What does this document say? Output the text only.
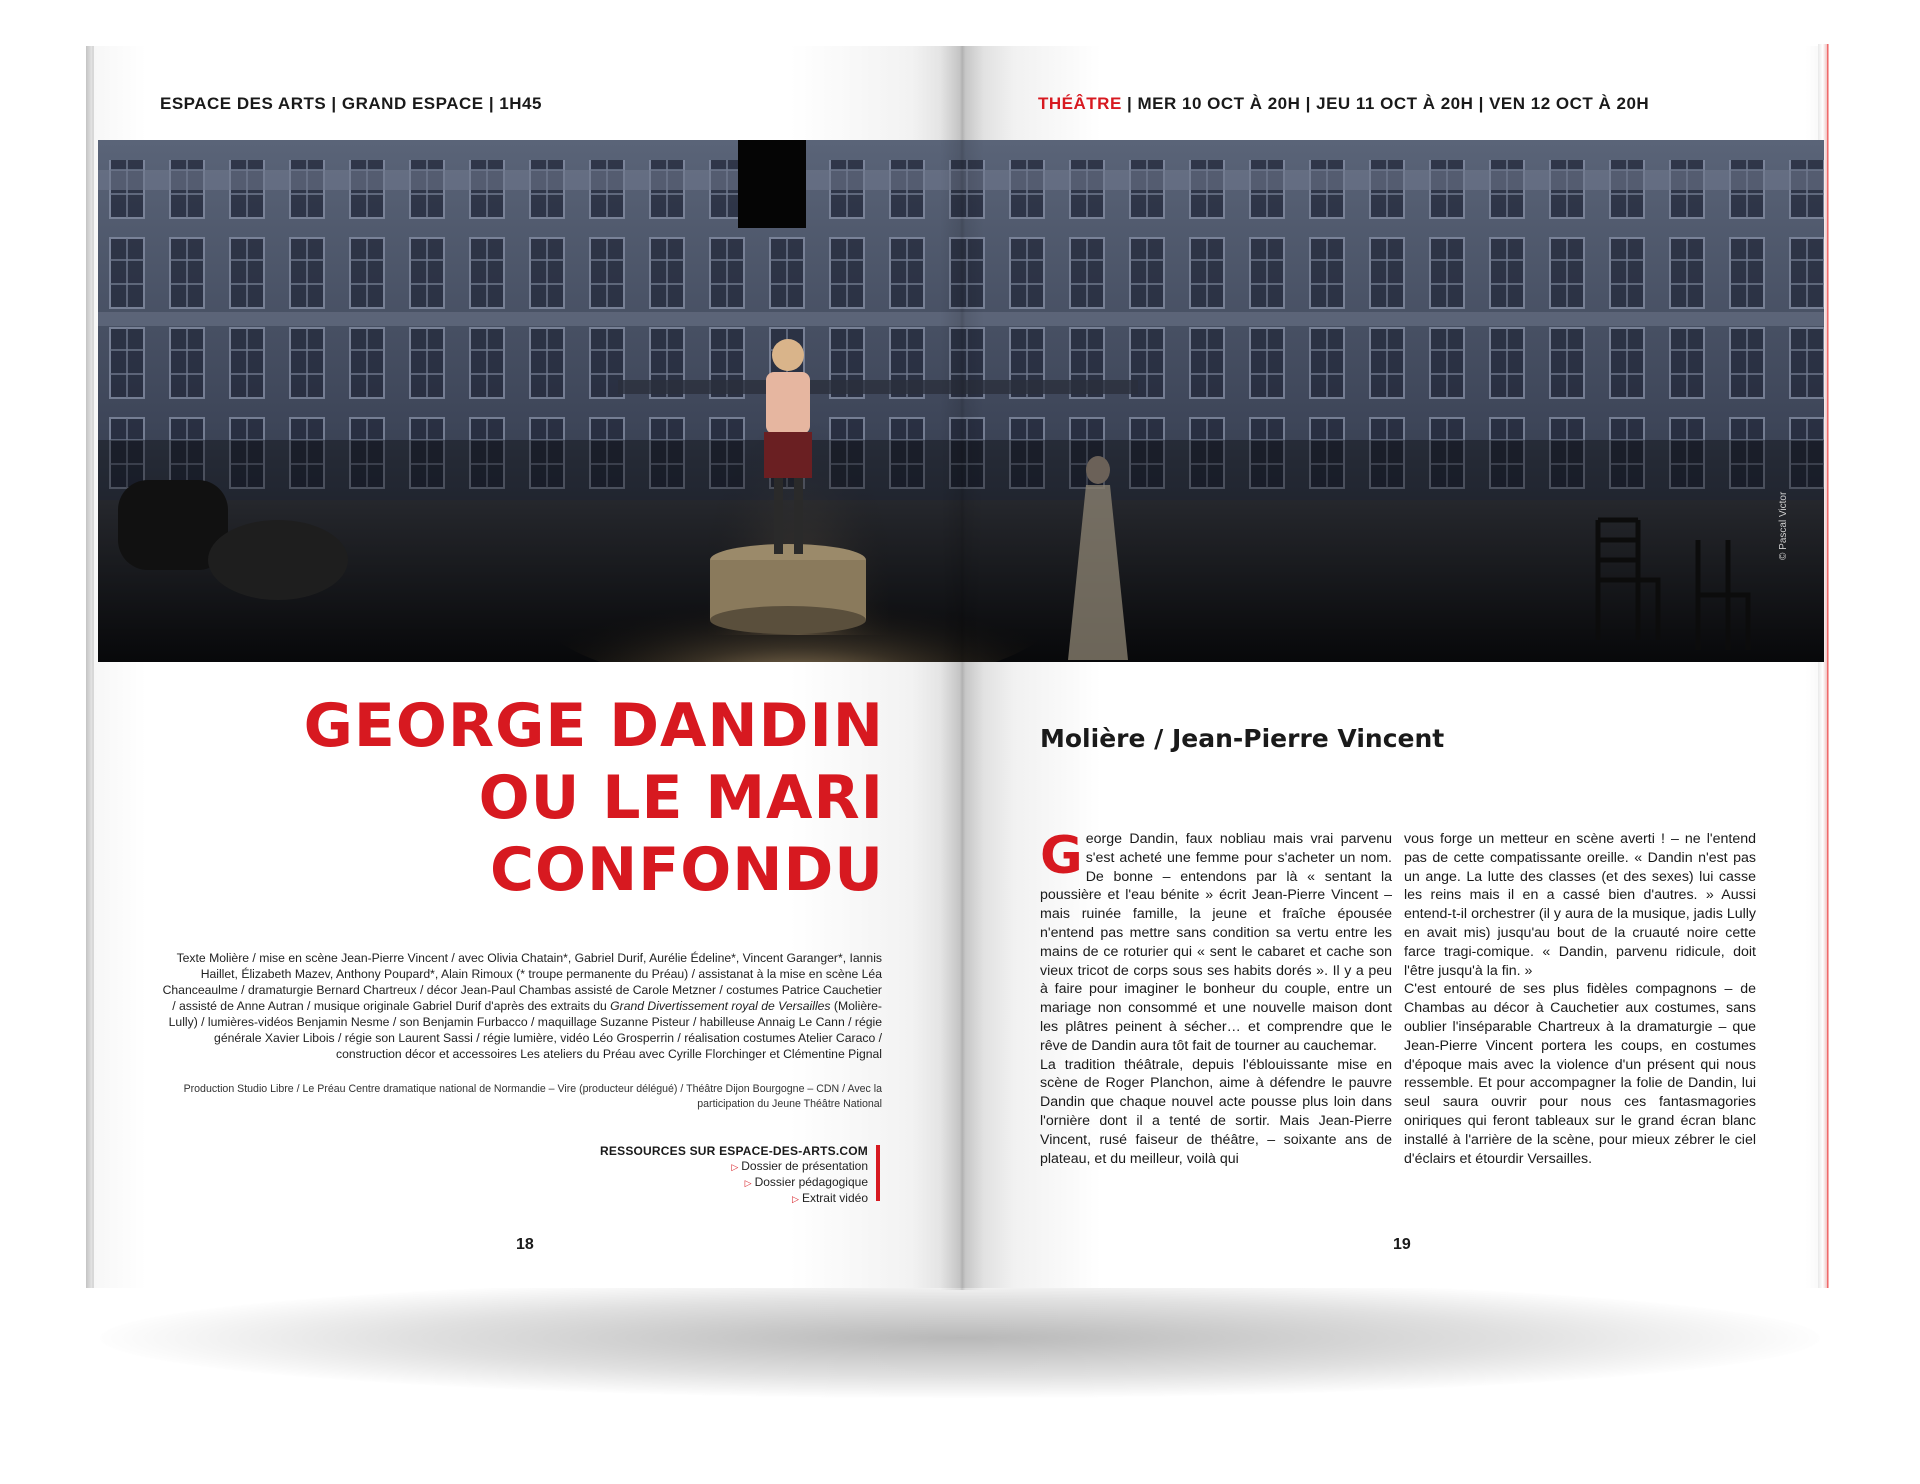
ESPACE DES ARTS | GRAND ESPACE | 1H45	THÉÂTRE | MER 10 OCT À 20H | JEU 11 OCT À 20H | VEN 12 OCT À 20H
© Pascal Victor
GEORGE DANDIN
OU LE MARI
CONFONDU
Texte Molière / mise en scène Jean-Pierre Vincent / avec Olivia Chatain*, Gabriel Durif, Aurélie Édeline*, Vincent Garanger*, Iannis Haillet, Élizabeth Mazev, Anthony Poupard*, Alain Rimoux (* troupe permanente du Préau) / assistanat à la mise en scène Léa Chanceaulme / dramaturgie Bernard Chartreux / décor Jean-Paul Chambas assisté de Carole Metzner / costumes Patrice Cauchetier / assisté de Anne Autran / musique originale Gabriel Durif d'après des extraits du Grand Divertissement royal de Versailles (Molière-Lully) / lumières-vidéos Benjamin Nesme / son Benjamin Furbacco / maquillage Suzanne Pisteur / habilleuse Annaig Le Cann / régie générale Xavier Libois / régie son Laurent Sassi / régie lumière, vidéo Léo Grosperrin / réalisation costumes Atelier Caraco / construction décor et accessoires Les ateliers du Préau avec Cyrille Florchinger et Clémentine Pignal
Production Studio Libre / Le Préau Centre dramatique national de Normandie – Vire (producteur délégué) / Théâtre Dijon Bourgogne – CDN / Avec la participation du Jeune Théâtre National
RESSOURCES SUR ESPACE-DES-ARTS.COM
▷ Dossier de présentation
▷ Dossier pédagogique
▷ Extrait vidéo
18
Molière / Jean-Pierre Vincent

George Dandin, faux nobliau mais vrai parvenu s'est acheté une femme pour s'acheter un nom. De bonne – entendons par là « sentant la poussière et l'eau bénite » écrit Jean-Pierre Vincent – mais ruinée famille, la jeune et fraîche épousée n'entend pas mettre sans condition sa vertu entre les mains de ce roturier qui « sent le cabaret et cache son vieux tricot de corps sous ses habits dorés ». Il y a peu à faire pour imaginer le bonheur du couple, entre un mariage non consommé et une nouvelle maison dont les plâtres peinent à sécher… et comprendre que le rêve de Dandin aura tôt fait de tourner au cauchemar.

La tradition théâtrale, depuis l'éblouissante mise en scène de Roger Planchon, aime à défendre le pauvre Dandin que chaque nouvel acte pousse plus loin dans l'ornière dont il a tenté de sortir. Mais Jean-Pierre Vincent, rusé faiseur de théâtre, – soixante ans de plateau, et du meilleur, voilà qui

vous forge un metteur en scène averti ! – ne l'entend pas de cette compatissante oreille. « Dandin n'est pas un ange. La lutte des classes (et des sexes) lui casse les reins mais il en a cassé bien d'autres. » Aussi entend-t-il orchestrer (il y aura de la musique, jadis Lully en avait mis) jusqu'au bout de la cruauté noire cette farce tragi-comique. « Dandin, parvenu ridicule, doit l'être jusqu'à la fin. »

C'est entouré de ses plus fidèles compagnons – de Chambas au décor à Cauchetier aux costumes, sans oublier l'inséparable Chartreux à la dramaturgie – que Jean-Pierre Vincent portera les coups, en costumes d'époque mais avec la violence d'un présent qui nous ressemble. Et pour accompagner la folie de Dandin, lui seul saura ouvrir pour nous ces fantasmagories oniriques qui feront tableaux sur le grand écran blanc installé à l'arrière de la scène, pour mieux zébrer le ciel d'éclairs et étourdir Versailles.

19
